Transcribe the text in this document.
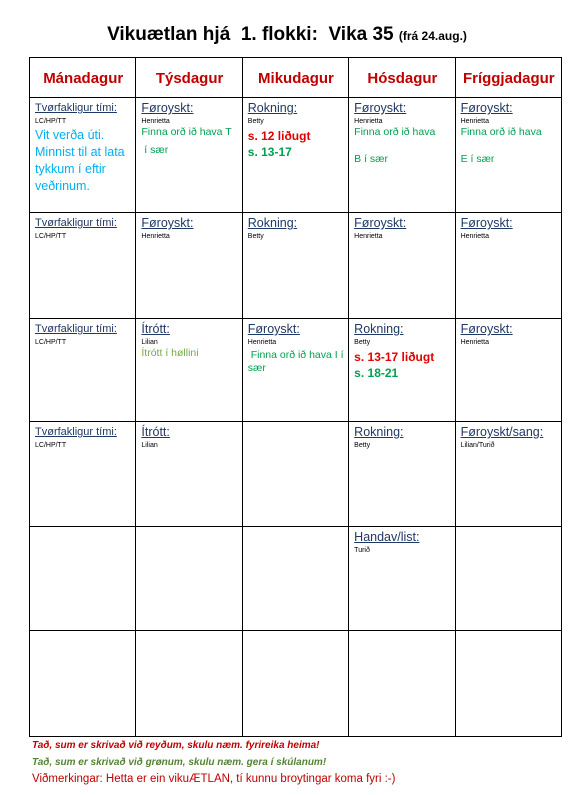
Vikuætlan hjá  1. flokki:  Vika 35 (frá 24.aug.)
Mánadagur	Týsdagur	Mikudagur	Hósdagur	Fríggjadagur

Tvørfakligur tími:
LC/HP/TT
Vit verða úti. Minnist til at lata tykkum í eftir veðrinum.	Føroyskt:
Henrietta
Finna orð ið hava T
í sær	Rokning:
Betty
s. 12 liðugt
s. 13-17	Føroyskt:
Henrietta
Finna orð ið hava
B í sær	Føroyskt:
Henrietta
Finna orð ið hava
E í sær

Tvørfakligur tími:
LC/HP/TT	Føroyskt:
Henrietta	Rokning:
Betty	Føroyskt:
Henrietta	Føroyskt:
Henrietta

Tvørfakligur tími:
LC/HP/TT	Ítrótt:
Lilian
Ítrótt í høllini	Føroyskt:
Henrietta
Finna orð ið hava I í sær	Rokning:
Betty
s. 13-17 liðugt
s. 18-21	Føroyskt:
Henrietta

Tvørfakligur tími:
LC/HP/TT	Ítrótt:
Lilian		Rokning:
Betty	Føroyskt/sang:
Lilian/Turið

			Handav/list:
Turið	

Tað, sum er skrivað við reyðum, skulu næm. fyrireika heima!
Tað, sum er skrivað við grønum, skulu næm. gera í skúlanum!
Viðmerkingar: Hetta er ein vikuÆTLAN, tí kunnu broytingar koma fyri :-)
